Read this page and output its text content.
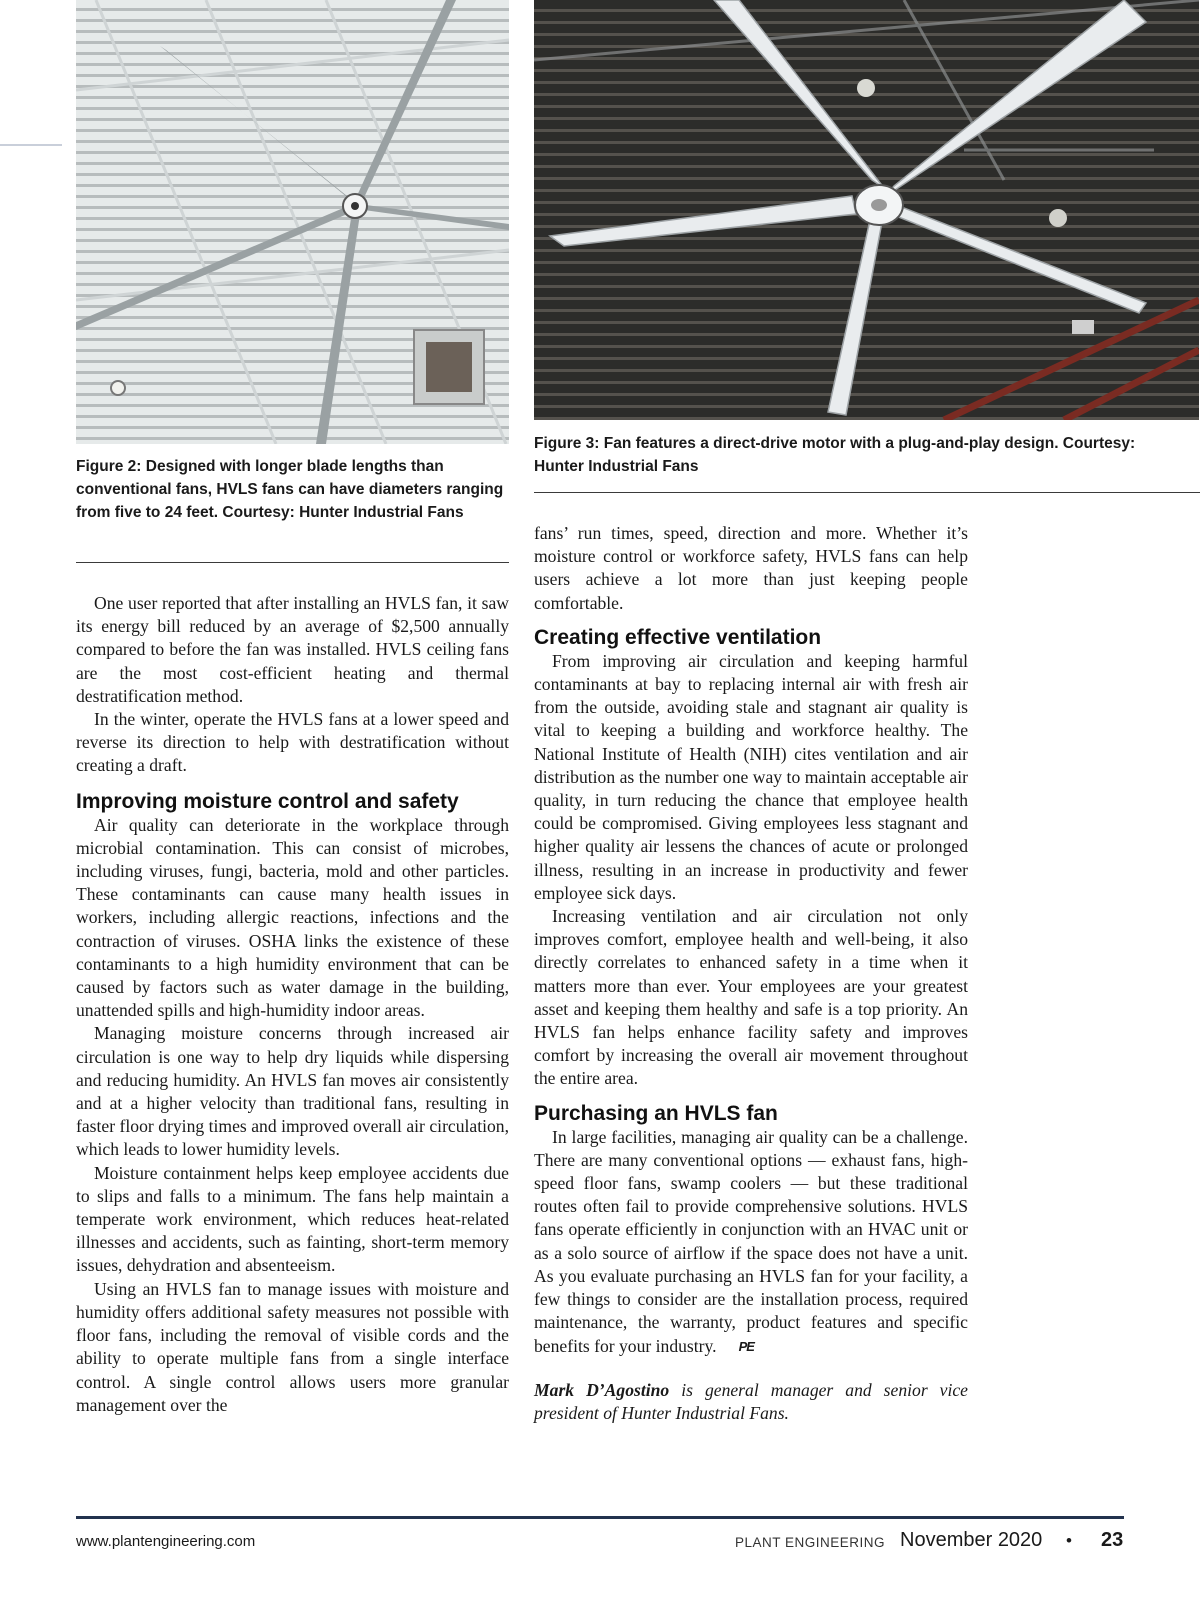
Figure 2: Designed with longer blade lengths than conventional fans, HVLS fans can have diameters ranging from five to 24 feet. Courtesy: Hunter Industrial Fans
Figure 3: Fan features a direct-drive motor with a plug-and-play design. Courtesy: Hunter Industrial Fans

One user reported that after installing an HVLS fan, it saw its energy bill reduced by an average of $2,500 annually compared to before the fan was installed. HVLS ceiling fans are the most cost-efficient heating and thermal destratification method.

In the winter, operate the HVLS fans at a lower speed and reverse its direction to help with destratification without creating a draft.

Improving moisture control and safety

Air quality can deteriorate in the workplace through microbial contamination. This can consist of microbes, including viruses, fungi, bacteria, mold and other particles. These contaminants can cause many health issues in workers, including allergic reactions, infections and the contraction of viruses. OSHA links the existence of these contaminants to a high humidity environment that can be caused by factors such as water damage in the building, unattended spills and high-humidity indoor areas.

Managing moisture concerns through increased air circulation is one way to help dry liquids while dispersing and reducing humidity. An HVLS fan moves air consistently and at a higher velocity than traditional fans, resulting in faster floor drying times and improved overall air circulation, which leads to lower humidity levels.

Moisture containment helps keep employee accidents due to slips and falls to a minimum. The fans help maintain a temperate work environment, which reduces heat-related illnesses and accidents, such as fainting, short-term memory issues, dehydration and absenteeism.

Using an HVLS fan to manage issues with moisture and humidity offers additional safety measures not possible with floor fans, including the removal of visible cords and the ability to operate multiple fans from a single interface control. A single control allows users more granular management over the

fans’ run times, speed, direction and more. Whether it’s moisture control or workforce safety, HVLS fans can help users achieve a lot more than just keeping people comfortable.

Creating effective ventilation

From improving air circulation and keeping harmful contaminants at bay to replacing internal air with fresh air from the outside, avoiding stale and stagnant air quality is vital to keeping a building and workforce healthy. The National Institute of Health (NIH) cites ventilation and air distribution as the number one way to maintain acceptable air quality, in turn reducing the chance that employee health could be compromised. Giving employees less stagnant and higher quality air lessens the chances of acute or prolonged illness, resulting in an increase in productivity and fewer employee sick days.

Increasing ventilation and air circulation not only improves comfort, employee health and well-being, it also directly correlates to enhanced safety in a time when it matters more than ever. Your employees are your greatest asset and keeping them healthy and safe is a top priority. An HVLS fan helps enhance facility safety and improves comfort by increasing the overall air movement throughout the entire area.

Purchasing an HVLS fan

In large facilities, managing air quality can be a challenge. There are many conventional options — exhaust fans, high-speed floor fans, swamp coolers — but these traditional routes often fail to provide comprehensive solutions. HVLS fans operate efficiently in conjunction with an HVAC unit or as a solo source of airflow if the space does not have a unit. As you evaluate purchasing an HVLS fan for your facility, a few things to consider are the installation process, required maintenance, the warranty, product features and specific benefits for your industry. PE

Mark D’Agostino is general manager and senior vice president of Hunter Industrial Fans.

www.plantengineering.com	PLANT ENGINEERING November 2020 • 23
